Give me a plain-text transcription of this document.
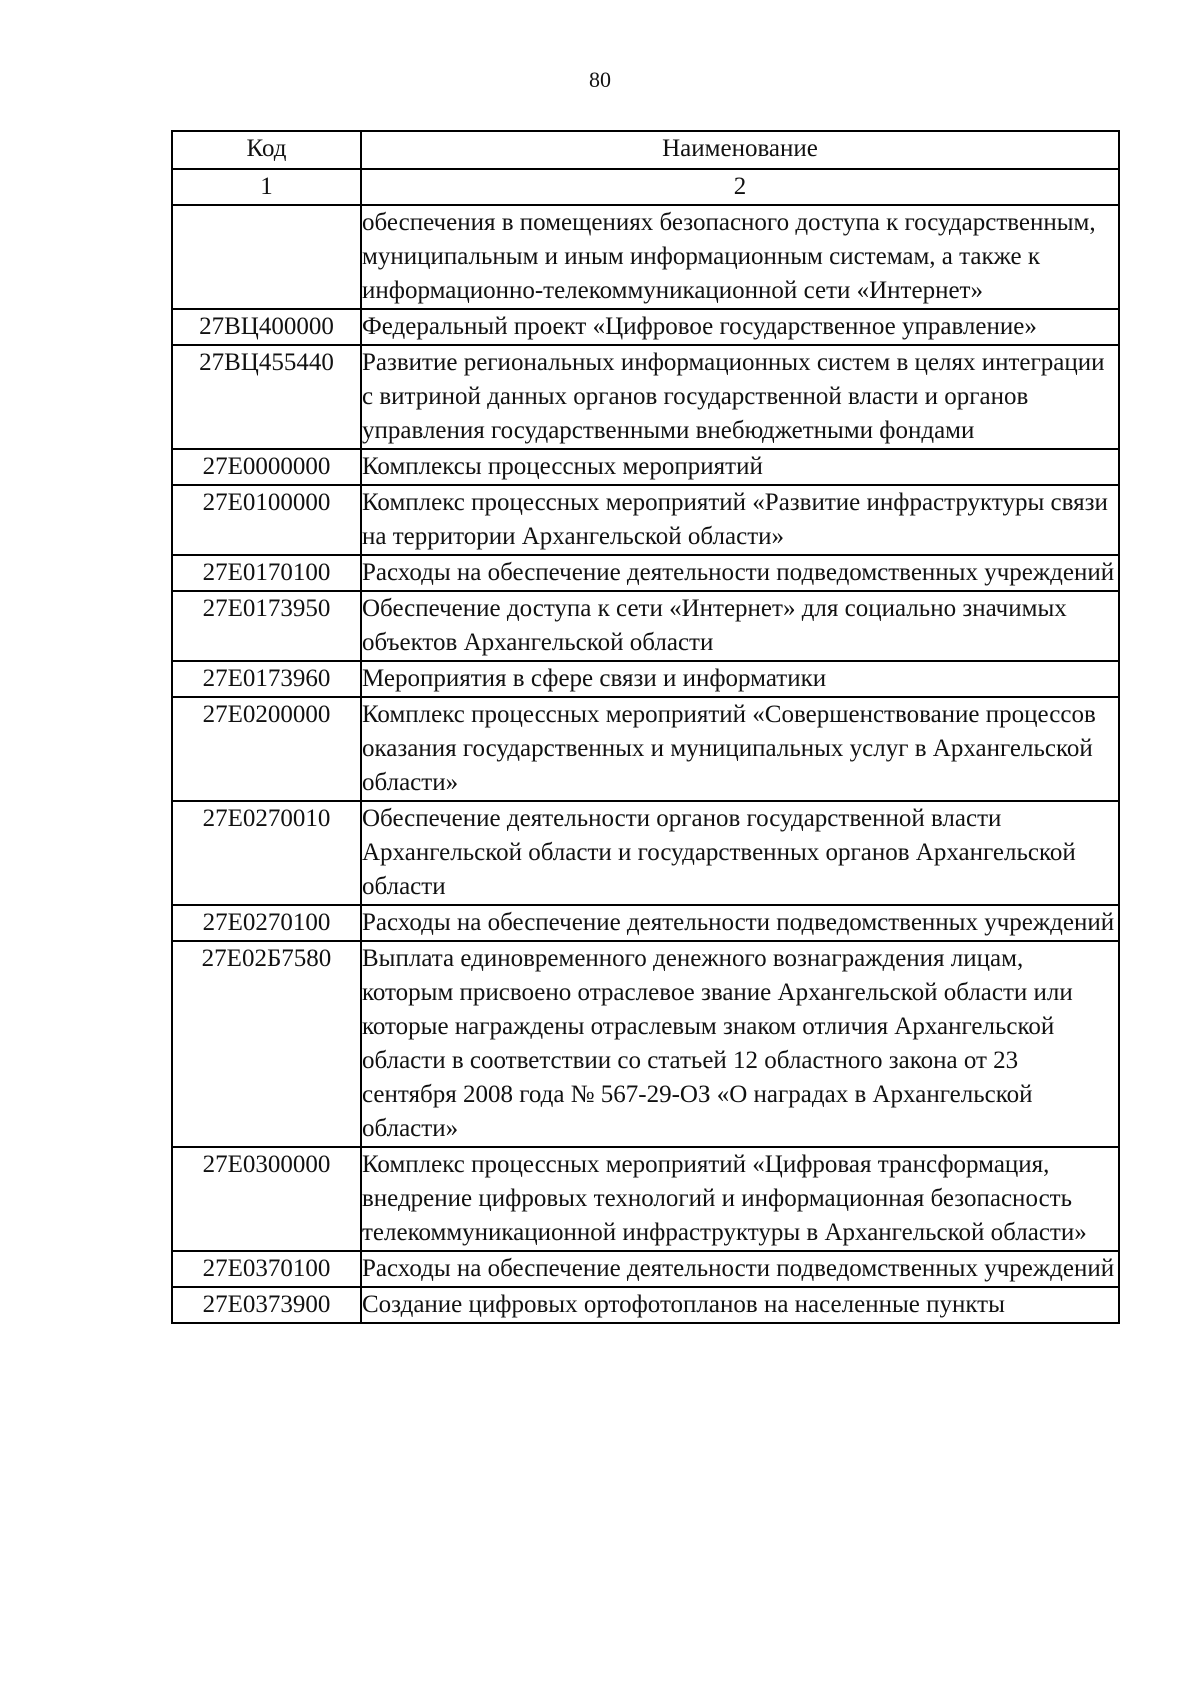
80
Код	Наименование
1	2
	обеспечения в помещениях безопасного доступа к государственным, муниципальным и иным информационным системам, а также к информационно-телекоммуникационной сети «Интернет»
27ВЦ400000	Федеральный проект «Цифровое государственное управление»
27ВЦ455440	Развитие региональных информационных систем в целях интеграции с витриной данных органов государственной власти и органов управления государственными внебюджетными фондами
27Е0000000	Комплексы процессных мероприятий
27Е0100000	Комплекс процессных мероприятий «Развитие инфраструктуры связи на территории Архангельской области»
27Е0170100	Расходы на обеспечение деятельности подведомственных учреждений
27Е0173950	Обеспечение доступа к сети «Интернет» для социально значимых объектов Архангельской области
27Е0173960	Мероприятия в сфере связи и информатики
27Е0200000	Комплекс процессных мероприятий «Совершенствование процессов оказания государственных и муниципальных услуг в Архангельской области»
27Е0270010	Обеспечение деятельности органов государственной власти Архангельской области и государственных органов Архангельской области
27Е0270100	Расходы на обеспечение деятельности подведомственных учреждений
27Е02Б7580	Выплата единовременного денежного вознаграждения лицам, которым присвоено отраслевое звание Архангельской области или которые награждены отраслевым знаком отличия Архангельской области в соответствии со статьей 12 областного закона от 23 сентября 2008 года № 567-29-ОЗ «О наградах в Архангельской области»
27Е0300000	Комплекс процессных мероприятий «Цифровая трансформация, внедрение цифровых технологий и информационная безопасность телекоммуникационной инфраструктуры в Архангельской области»
27Е0370100	Расходы на обеспечение деятельности подведомственных учреждений
27Е0373900	Создание цифровых ортофотопланов на населенные пункты
